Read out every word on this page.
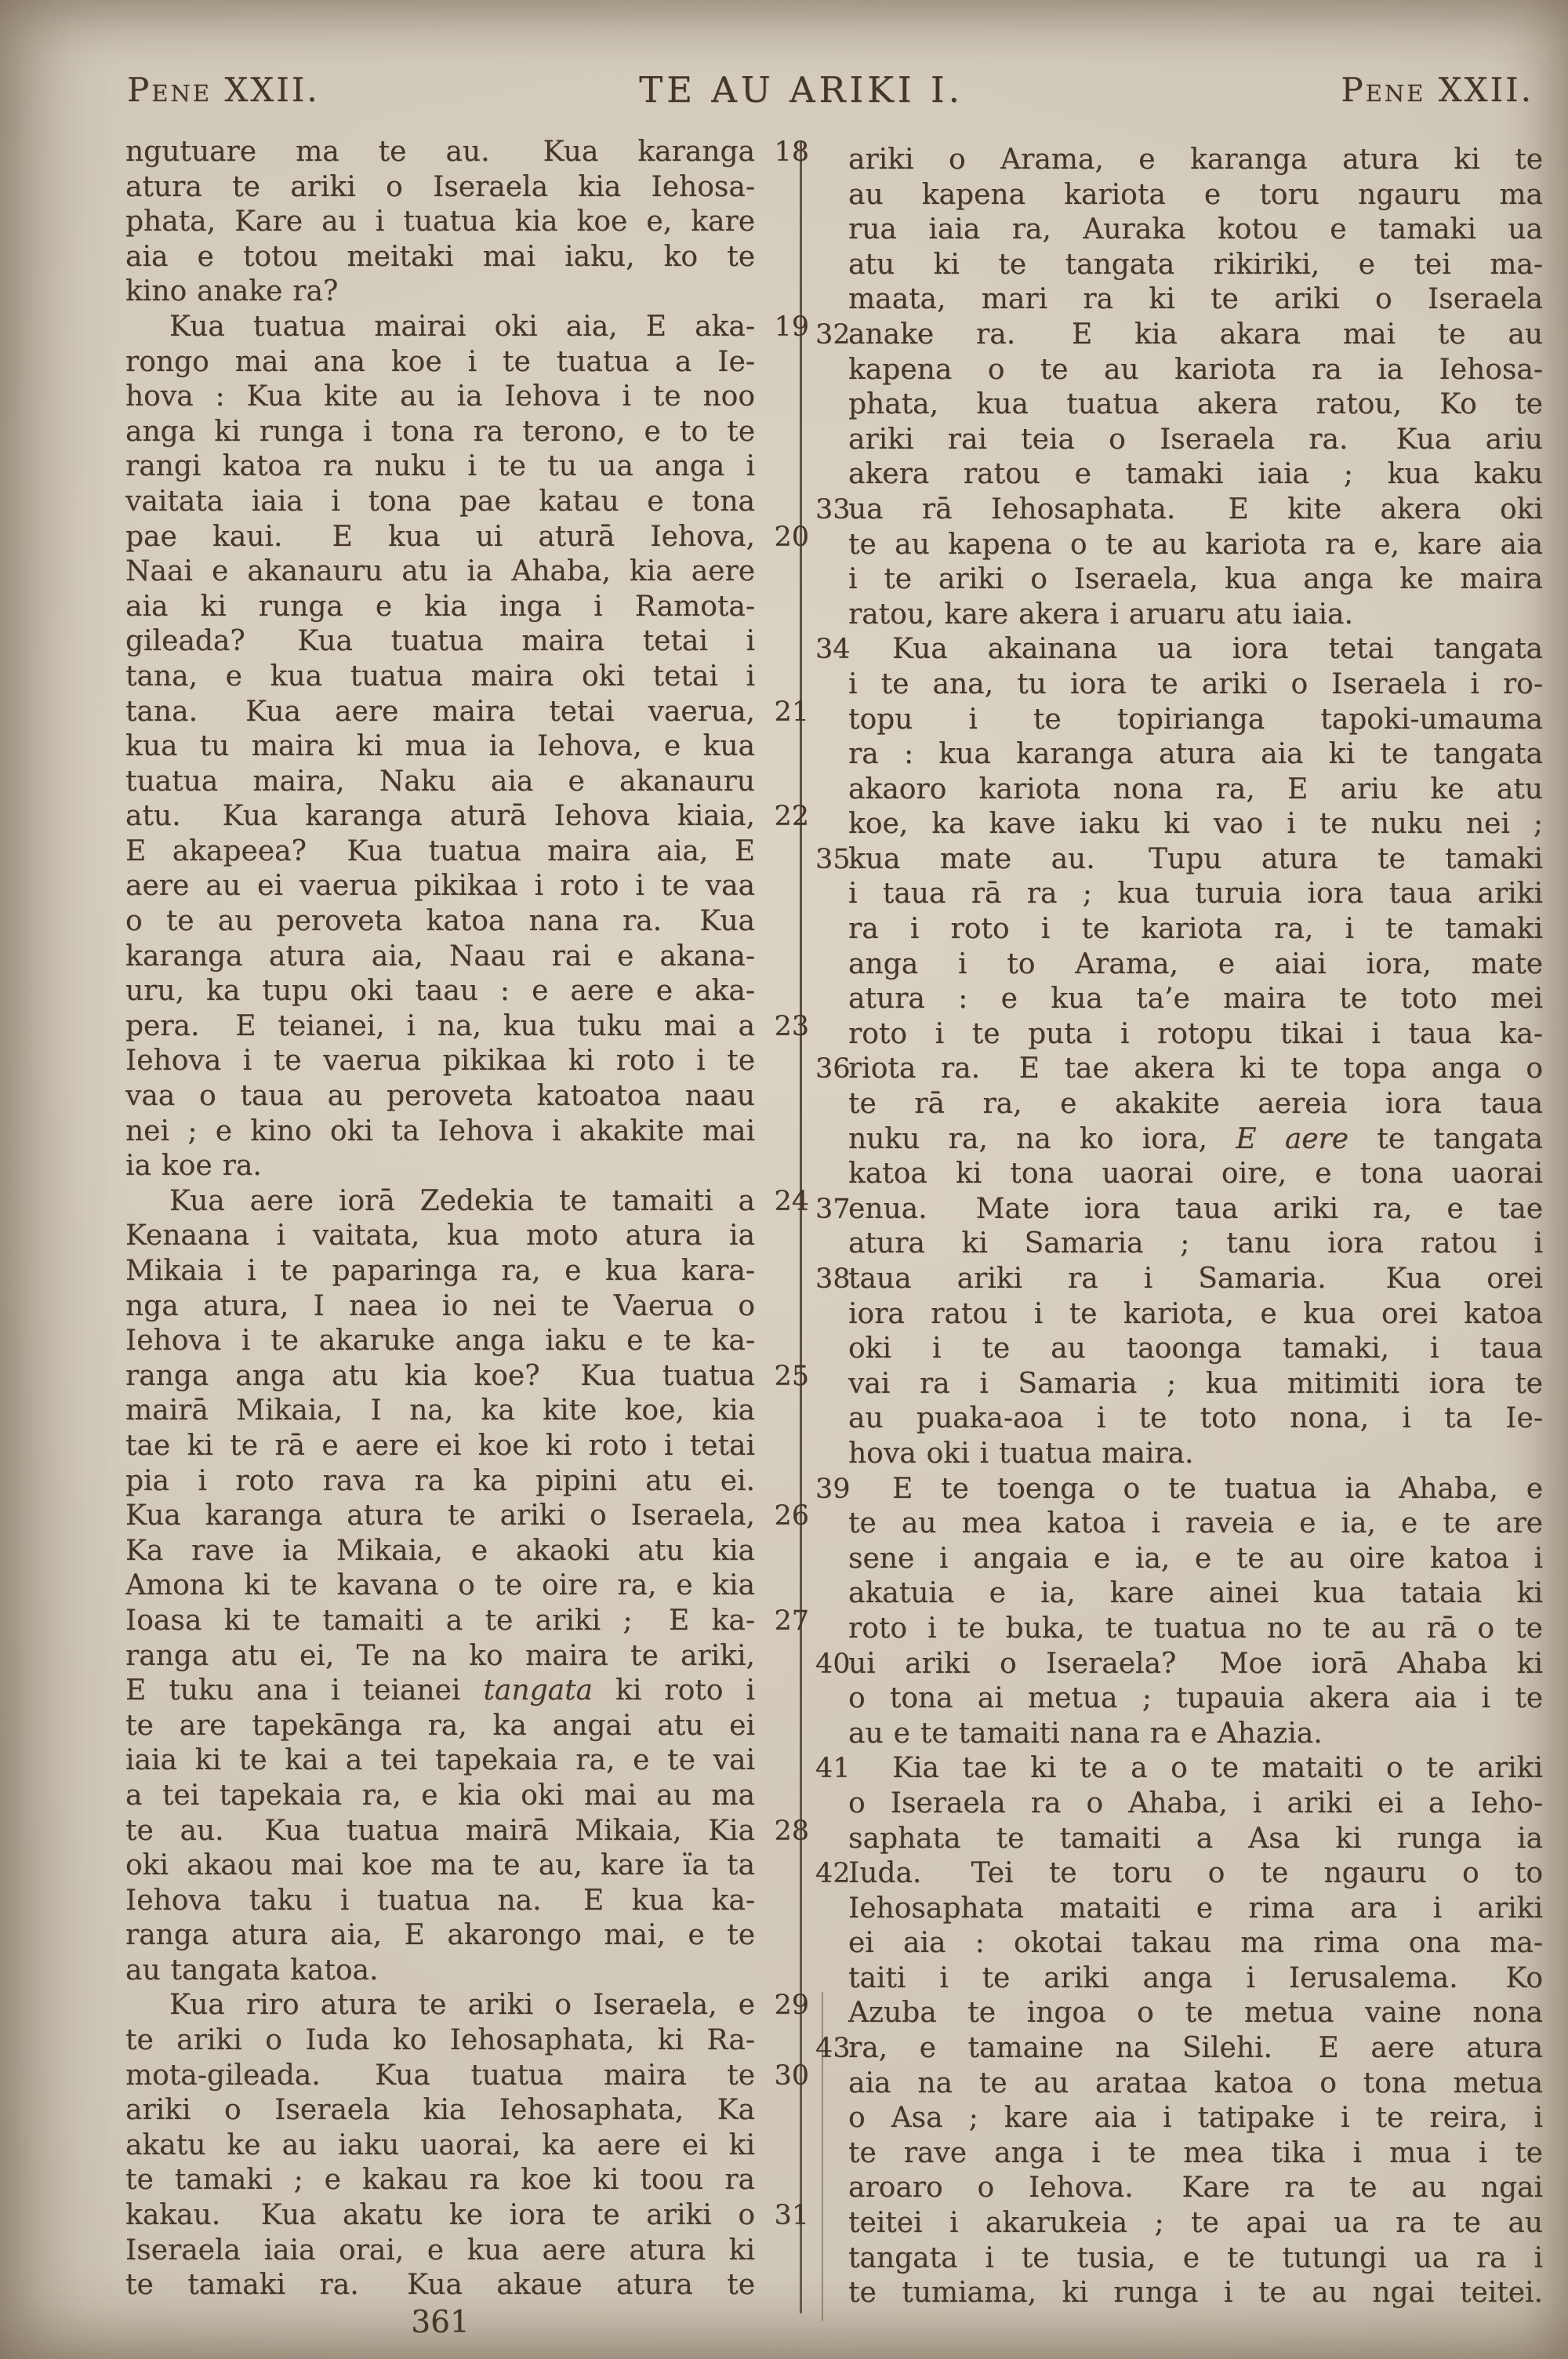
Pene XXII.	TE AU ARIKI I.	Pene XXII.
ngutuare ma te au.  Kua karanga 18
atura te ariki o Iseraela kia Iehosa-
phata, Kare au i tuatua kia koe e, kare
aia e totou meitaki mai iaku, ko te
kino anake ra?
Kua tuatua mairai oki aia, E aka- 19
rongo mai ana koe i te tuatua a Ie-
hova : Kua kite au ia Iehova i te noo
anga ki runga i tona ra terono, e to te
rangi katoa ra nuku i te tu ua anga i
vaitata iaia i tona pae katau e tona
pae kaui.  E kua ui aturā Iehova, 20
Naai e akanauru atu ia Ahaba, kia aere
aia ki runga e kia inga i Ramota-
gileada?  Kua tuatua maira tetai i
tana, e kua tuatua maira oki tetai i
tana.  Kua aere maira tetai vaerua, 21
kua tu maira ki mua ia Iehova, e kua
tuatua maira, Naku aia e akanauru
atu.  Kua karanga aturā Iehova kiaia, 22
E akapeea?  Kua tuatua maira aia, E
aere au ei vaerua pikikaa i roto i te vaa
o te au peroveta katoa nana ra.  Kua
karanga atura aia, Naau rai e akana-
uru, ka tupu oki taau : e aere e aka-
pera.  E teianei, i na, kua tuku mai a 23
Iehova i te vaerua pikikaa ki roto i te
vaa o taua au peroveta katoatoa naau
nei ; e kino oki ta Iehova i akakite mai
ia koe ra.
Kua aere iorā Zedekia te tamaiti a 24
Kenaana i vaitata, kua moto atura ia
Mikaia i te paparinga ra, e kua kara-
nga atura, I naea io nei te Vaerua o
Iehova i te akaruke anga iaku e te ka-
ranga anga atu kia koe?  Kua tuatua 25
mairā Mikaia, I na, ka kite koe, kia
tae ki te rā e aere ei koe ki roto i tetai
pia i roto rava ra ka pipini atu ei.
Kua karanga atura te ariki o Iseraela, 26
Ka rave ia Mikaia, e akaoki atu kia
Amona ki te kavana o te oire ra, e kia
Ioasa ki te tamaiti a te ariki ;  E ka- 27
ranga atu ei, Te na ko maira te ariki,
E tuku ana i teianei tangata ki roto i
te are tapekānga ra, ka angai atu ei
iaia ki te kai a tei tapekaia ra, e te vai
a tei tapekaia ra, e kia oki mai au ma
te au.  Kua tuatua mairā Mikaia, Kia 28
oki akaou mai koe ma te au, kare ïa ta
Iehova taku i tuatua na.  E kua ka-
ranga atura aia, E akarongo mai, e te
au tangata katoa.
Kua riro atura te ariki o Iseraela, e 29
te ariki o Iuda ko Iehosaphata, ki Ra-
mota-gileada.  Kua tuatua maira te 30
ariki o Iseraela kia Iehosaphata, Ka
akatu ke au iaku uaorai, ka aere ei ki
te tamaki ; e kakau ra koe ki toou ra
kakau.  Kua akatu ke iora te ariki o 31
Iseraela iaia orai, e kua aere atura ki
te tamaki ra.  Kua akaue atura te
ariki o Arama, e karanga atura ki te
au kapena kariota e toru ngauru ma
rua iaia ra, Auraka kotou e tamaki ua
atu ki te tangata rikiriki, e tei ma-
maata, mari ra ki te ariki o Iseraela
anake ra.  E kia akara mai te au
32
kapena o te au kariota ra ia Iehosa-
phata, kua tuatua akera ratou, Ko te
ariki rai teia o Iseraela ra.  Kua ariu
akera ratou e tamaki iaia ; kua kaku
ua rā Iehosaphata.  E kite akera oki
33
te au kapena o te au kariota ra e, kare aia
i te ariki o Iseraela, kua anga ke maira
ratou, kare akera i aruaru atu iaia.
Kua akainana ua iora tetai tangata
34
i te ana, tu iora te ariki o Iseraela i ro-
topu i te topirianga tapoki-umauma
ra : kua karanga atura aia ki te tangata
akaoro kariota nona ra, E ariu ke atu
koe, ka kave iaku ki vao i te nuku nei ;
kua mate au.  Tupu atura te tamaki
35
i taua rā ra ; kua turuia iora taua ariki
ra i roto i te kariota ra, i te tamaki
anga i to Arama, e aiai iora, mate
atura : e kua ta’e maira te toto mei
roto i te puta i rotopu tikai i taua ka-
riota ra.  E tae akera ki te topa anga o
36
te rā ra, e akakite aereia iora taua
nuku ra, na ko iora, E aere te tangata
katoa ki tona uaorai oire, e tona uaorai
enua.  Mate iora taua ariki ra, e tae
37
atura ki Samaria ; tanu iora ratou i
taua ariki ra i Samaria.  Kua orei
38
iora ratou i te kariota, e kua orei katoa
oki i te au taoonga tamaki, i taua
vai ra i Samaria ; kua mitimiti iora te
au puaka-aoa i te toto nona, i ta Ie-
hova oki i tuatua maira.
E te toenga o te tuatua ia Ahaba, e
39
te au mea katoa i raveia e ia, e te are
sene i angaia e ia, e te au oire katoa i
akatuia e ia, kare ainei kua tataia ki
roto i te buka, te tuatua no te au rā o te
ui ariki o Iseraela?  Moe iorā Ahaba ki
40
o tona ai metua ; tupauia akera aia i te
au e te tamaiti nana ra e Ahazia.
Kia tae ki te a o te mataiti o te ariki
41
o Iseraela ra o Ahaba, i ariki ei a Ieho-
saphata te tamaiti a Asa ki runga ia
Iuda.  Tei te toru o te ngauru o to
42
Iehosaphata mataiti e rima ara i ariki
ei aia : okotai takau ma rima ona ma-
taiti i te ariki anga i Ierusalema.  Ko
Azuba te ingoa o te metua vaine nona
ra, e tamaine na Silehi.  E aere atura
43
aia na te au arataa katoa o tona metua
o Asa ; kare aia i tatipake i te reira, i
te rave anga i te mea tika i mua i te
aroaro o Iehova.  Kare ra te au ngai
teitei i akarukeia ; te apai ua ra te au
tangata i te tusia, e te tutungi ua ra i
te tumiama, ki runga i te au ngai teitei.
361
